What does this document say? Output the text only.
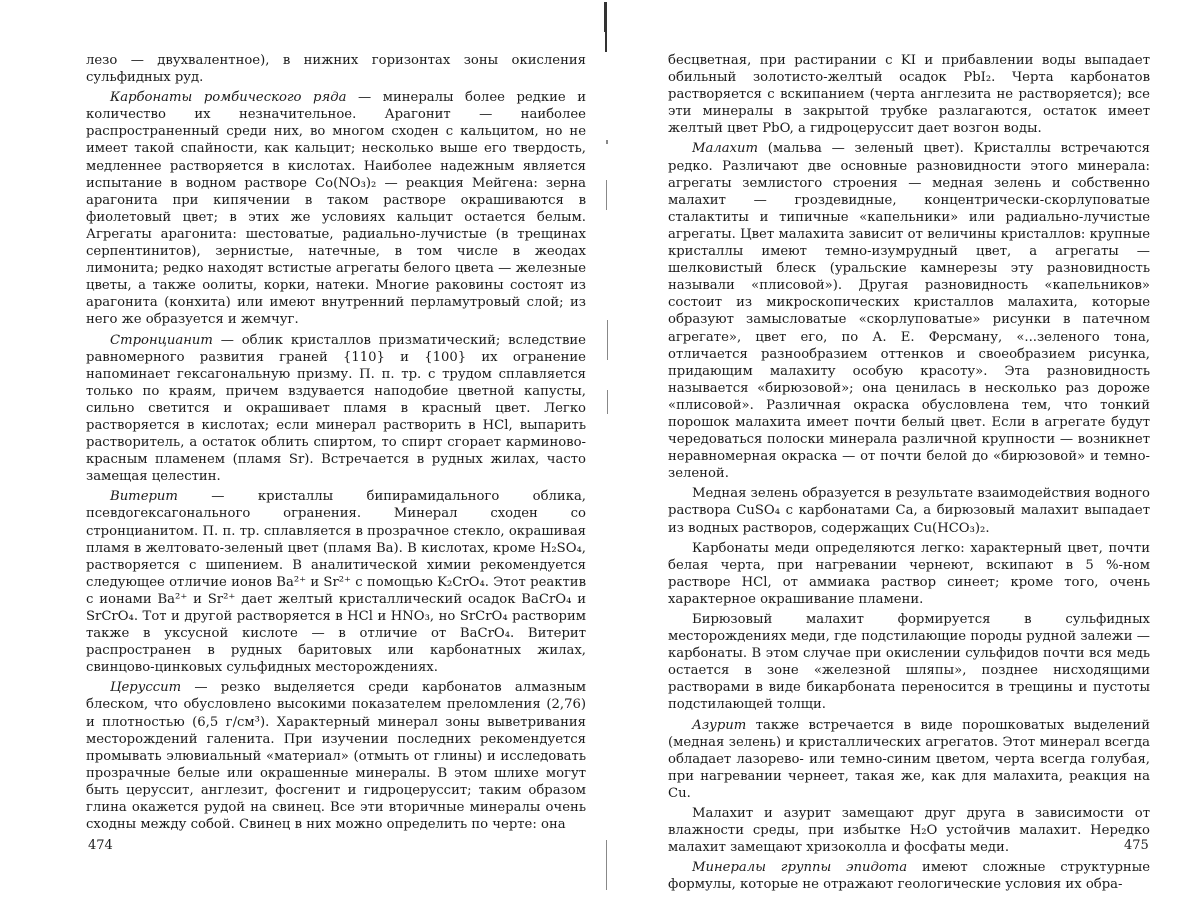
лезо — двухвалентное), в нижних горизонтах зоны окисления сульфидных руд.

Карбонаты ромбического ряда — минералы более редкие и количество их незначительное. Арагонит — наиболее распространенный среди них, во многом сходен с кальцитом, но не имеет такой спайности, как кальцит; несколько выше его твердость, медленнее растворяется в кислотах. Наиболее надежным является испытание в водном растворе Co(NO₃)₂ — реакция Мейгена: зерна арагонита при кипячении в таком растворе окрашиваются в фиолетовый цвет; в этих же условиях кальцит остается белым. Агрегаты арагонита: шестоватые, радиально-лучистые (в трещинах серпентинитов), зернистые, натечные, в том числе в жеодах лимонита; редко находят встистые агрегаты белого цвета — железные цветы, а также оолиты, корки, натеки. Многие раковины состоят из арагонита (конхита) или имеют внутренний перламутровый слой; из него же образуется и жемчуг.

Стронцианит — облик кристаллов призматический; вследствие равномерного развития граней {110} и {100} их огранение напоминает гексагональную призму. П. п. тр. с трудом сплавляется только по краям, причем вздувается наподобие цветной капусты, сильно светится и окрашивает пламя в красный цвет. Легко растворяется в кислотах; если минерал растворить в HCl, выпарить растворитель, а остаток облить спиртом, то спирт сгорает карминово-красным пламенем (пламя Sr). Встречается в рудных жилах, часто замещая целестин.

Витерит — кристаллы бипирамидального облика, псевдогексагонального огранения. Минерал сходен со стронцианитом. П. п. тр. сплавляется в прозрачное стекло, окрашивая пламя в желтовато-зеленый цвет (пламя Ba). В кислотах, кроме H₂SO₄, растворяется с шипением. В аналитической химии рекомендуется следующее отличие ионов Ba²⁺ и Sr²⁺ с помощью K₂CrO₄. Этот реактив с ионами Ba²⁺ и Sr²⁺ дает желтый кристаллический осадок BaCrO₄ и SrCrO₄. Тот и другой растворяется в HCl и HNO₃, но SrCrO₄ растворим также в уксусной кислоте — в отличие от BaCrO₄. Витерит распространен в рудных баритовых или карбонатных жилах, свинцово-цинковых сульфидных месторождениях.

Церуссит — резко выделяется среди карбонатов алмазным блеском, что обусловлено высокими показателем преломления (2,76) и плотностью (6,5 г/см³). Характерный минерал зоны выветривания месторождений галенита. При изучении последних рекомендуется промывать элювиальный «материал» (отмыть от глины) и исследовать прозрачные белые или окрашенные минералы. В этом шлихе могут быть церуссит, англезит, фосгенит и гидроцеруссит; таким образом глина окажется рудой на свинец. Все эти вторичные минералы очень сходны между собой. Свинец в них можно определить по черте: она

474

бесцветная, при растирании с KI и прибавлении воды выпадает обильный золотисто-желтый осадок PbI₂. Черта карбонатов растворяется с вскипанием (черта англезита не растворяется); все эти минералы в закрытой трубке разлагаются, остаток имеет желтый цвет PbO, а гидроцеруссит дает возгон воды.

Малахит (мальва — зеленый цвет). Кристаллы встречаются редко. Различают две основные разновидности этого минерала: агрегаты землистого строения — медная зелень и собственно малахит — гроздевидные, концентрически-скорлуповатые сталактиты и типичные «капельники» или радиально-лучистые агрегаты. Цвет малахита зависит от величины кристаллов: крупные кристаллы имеют темно-изумрудный цвет, а агрегаты — шелковистый блеск (уральские камнерезы эту разновидность называли «плисовой»). Другая разновидность «капельников» состоит из микроскопических кристаллов малахита, которые образуют замысловатые «скорлуповатые» рисунки в патечном агрегате», цвет его, по А. Е. Ферсману, «...зеленого тона, отличается разнообразием оттенков и своеобразием рисунка, придающим малахиту особую красоту». Эта разновидность называется «бирюзовой»; она ценилась в несколько раз дороже «плисовой». Различная окраска обусловлена тем, что тонкий порошок малахита имеет почти белый цвет. Если в агрегате будут чередоваться полоски минерала различной крупности — возникнет неравномерная окраска — от почти белой до «бирюзовой» и темно-зеленой.

Медная зелень образуется в результате взаимодействия водного раствора CuSO₄ с карбонатами Ca, а бирюзовый малахит выпадает из водных растворов, содержащих Cu(HCO₃)₂.

Карбонаты меди определяются легко: характерный цвет, почти белая черта, при нагревании чернеют, вскипают в 5 %-ном растворе HCl, от аммиака раствор синеет; кроме того, очень характерное окрашивание пламени.

Бирюзовый малахит формируется в сульфидных месторождениях меди, где подстилающие породы рудной залежи — карбонаты. В этом случае при окислении сульфидов почти вся медь остается в зоне «железной шляпы», позднее нисходящими растворами в виде бикарбоната переносится в трещины и пустоты подстилающей толщи.

Азурит также встречается в виде порошковатых выделений (медная зелень) и кристаллических агрегатов. Этот минерал всегда обладает лазорево- или темно-синим цветом, черта всегда голубая, при нагревании чернеет, такая же, как для малахита, реакция на Cu.

Малахит и азурит замещают друг друга в зависимости от влажности среды, при избытке H₂O устойчив малахит. Нередко малахит замещают хризоколла и фосфаты меди.

Минералы группы эпидота имеют сложные структурные формулы, которые не отражают геологические условия их обра-

475
